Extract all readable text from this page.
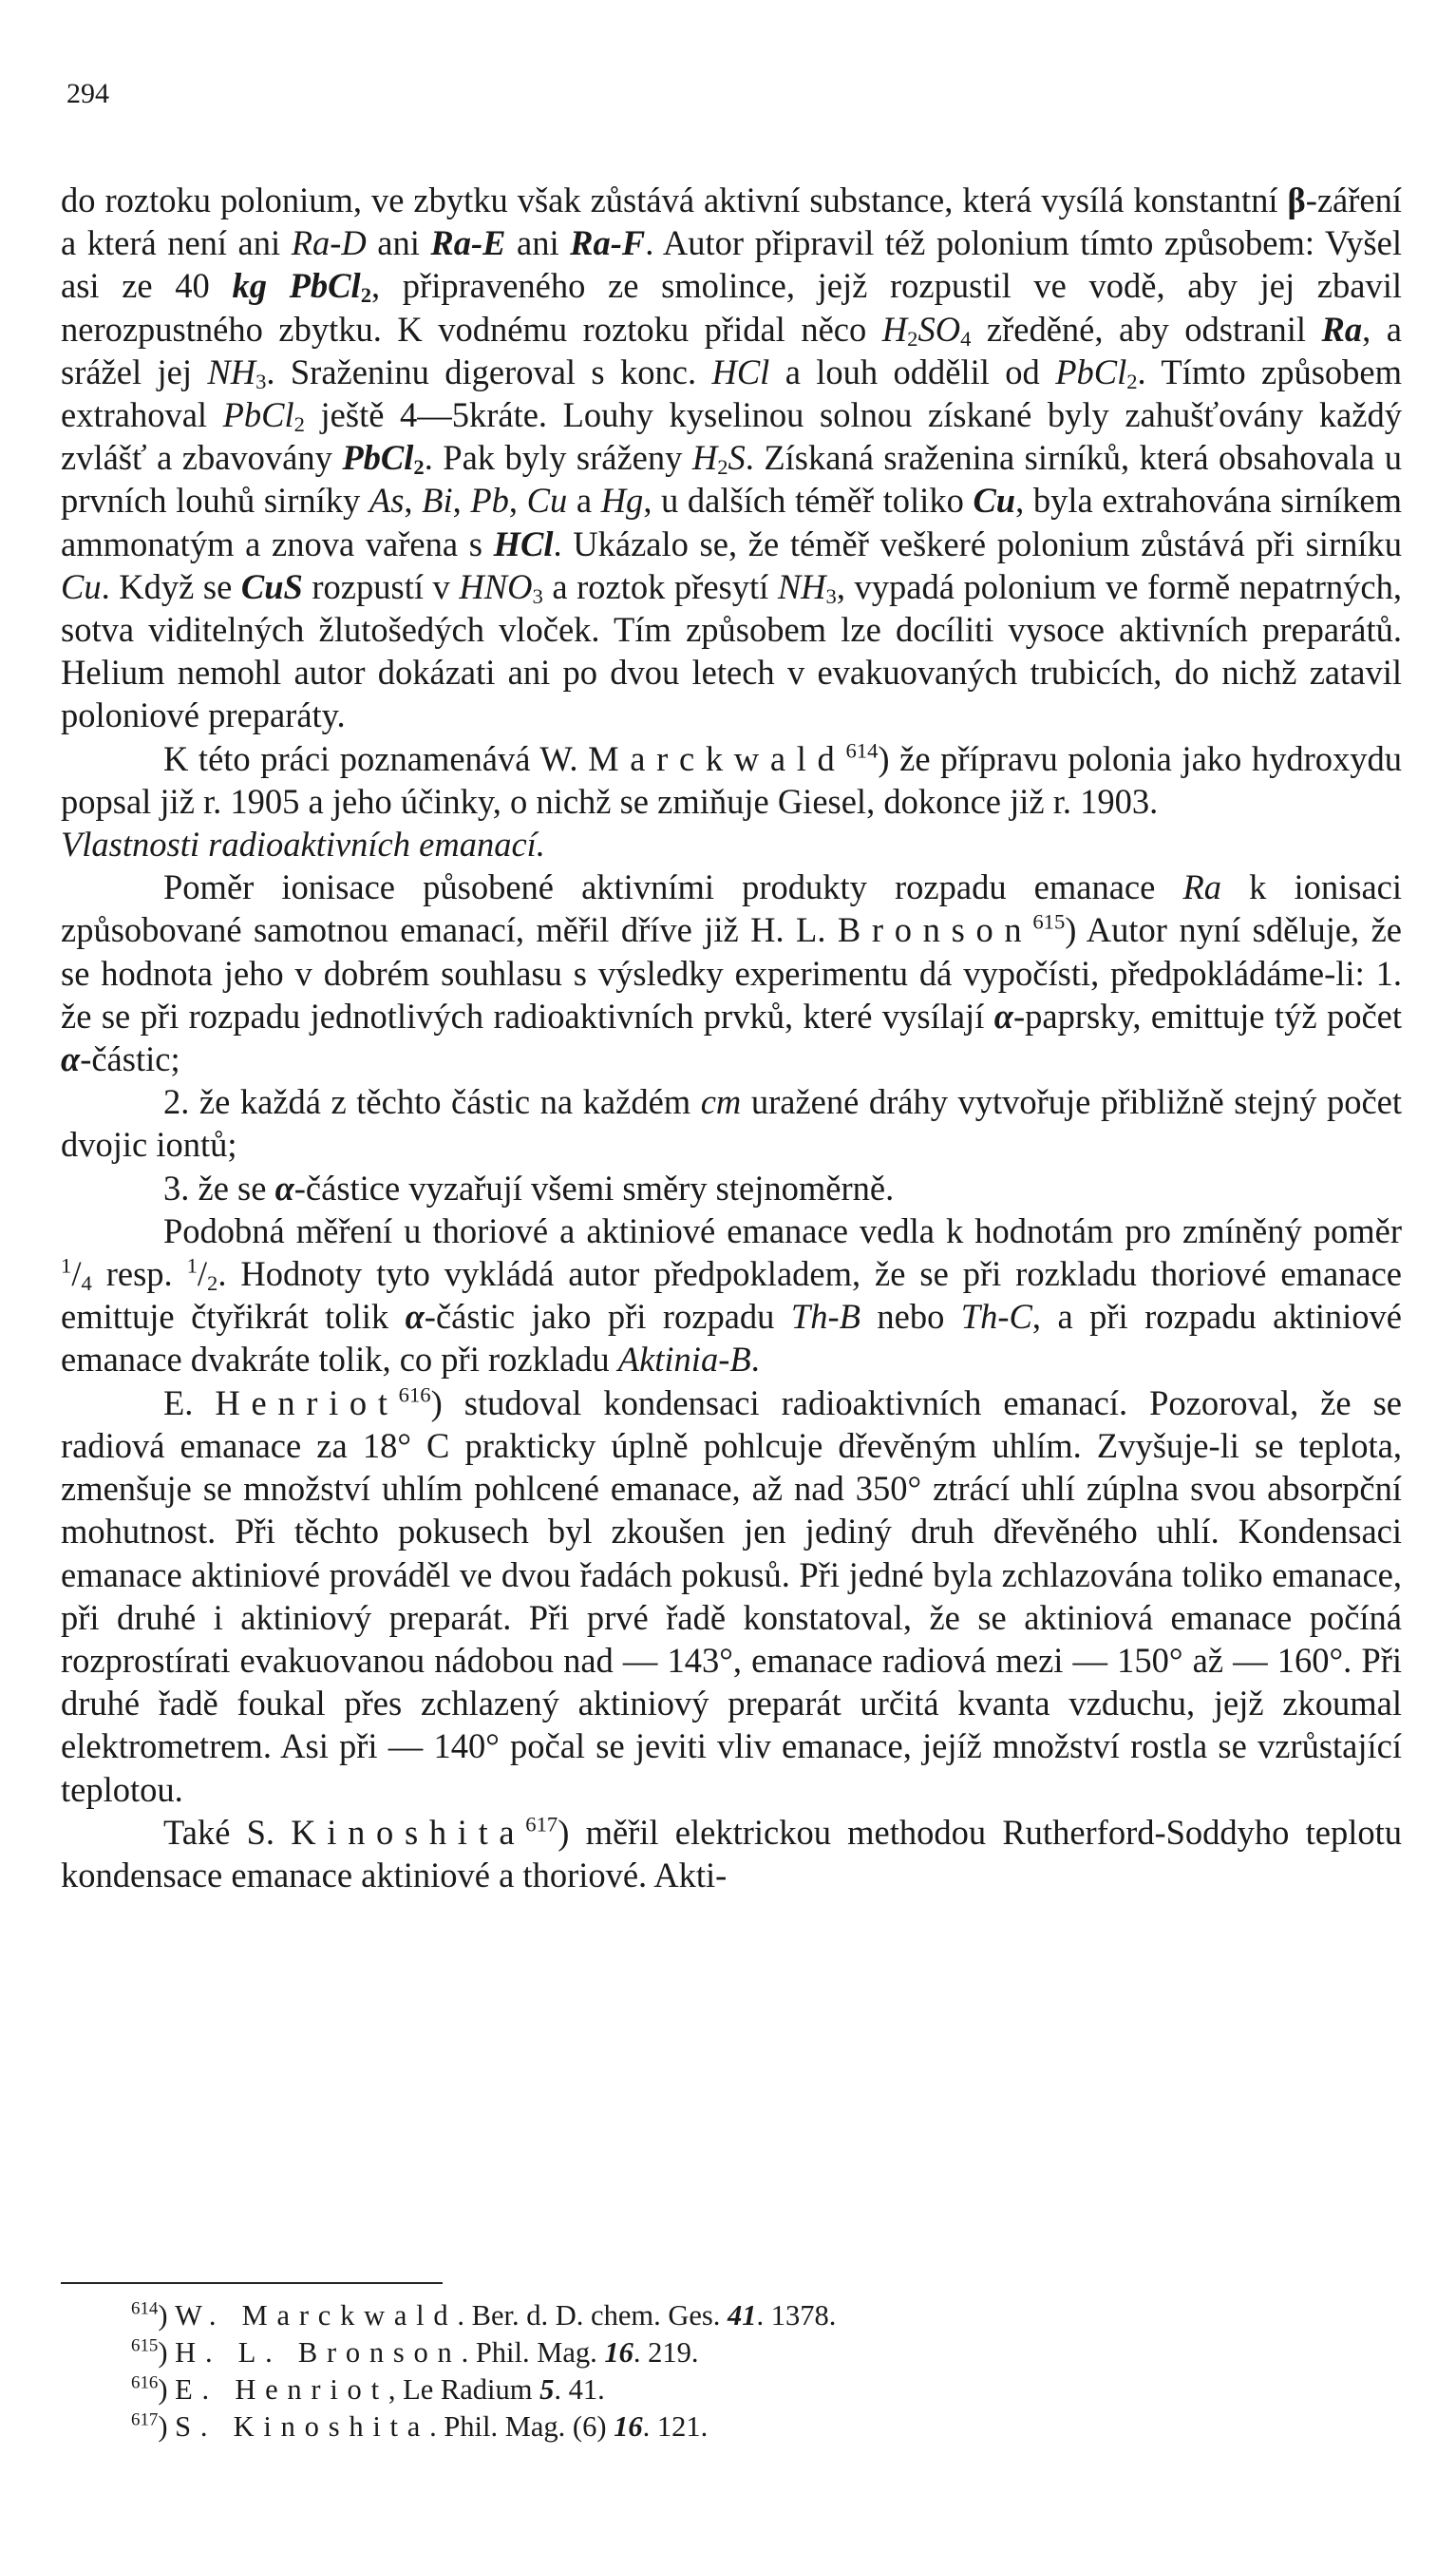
294

do roztoku polonium, ve zbytku však zůstává aktivní substance, která vysílá konstantní β-záření a která není ani Ra-D ani Ra-E ani Ra-F. Autor připravil též polonium tímto způsobem: Vyšel asi ze 40 kg PbCl$_2$, připraveného ze smolince, jejž rozpustil ve vodě, aby jej zbavil nerozpustného zbytku. K vodnému roztoku přidal něco $H_2SO_4$ zředěné, aby odstranil Ra, a srážel jej $NH_3$. Sraženinu digeroval s konc. HCl a louh oddělil od PbCl$_2$. Tímto způsobem extrahoval PbCl$_2$ ještě 4—5kráte. Louhy kyselinou solnou získané byly zahušťovány každý zvlášť a zbavovány PbCl$_2$. Pak byly sráženy $H_2S$. Získaná sraženina sirníků, která obsahovala u prvních louhů sirníky As, Bi, Pb, Cu a Hg, u dalších téměř toliko Cu, byla extrahována sirníkem ammonatým a znova vařena s HCl. Ukázalo se, že téměř veškeré polonium zůstává při sirníku Cu. Když se CuS rozpustí v $HNO_3$ a roztok přesytí $NH_3$, vypadá polonium ve formě nepatrných, sotva viditelných žlutošedých vloček. Tím způsobem lze docíliti vysoce aktivních preparátů. Helium nemohl autor dokázati ani po dvou letech v evakuovaných trubicích, do nichž zatavil poloniové preparáty.

K této práci poznamenává W. Marckwald$^{614}$) že přípravu polonia jako hydroxydu popsal již r. 1905 a jeho účinky, o nichž se zmiňuje Giesel, dokonce již r. 1903.

Vlastnosti radioaktivních emanací.

Poměr ionisace působené aktivními produkty rozpadu emanace Ra k ionisaci způsobované samotnou emanací, měřil dříve již H. L. Bronson$^{615}$) Autor nyní sděluje, že se hodnota jeho v dobrém souhlasu s výsledky experimentu dá vypočísti, předpokládáme-li: 1. že se při rozpadu jednotlivých radioaktivních prvků, které vysílají α-paprsky, emittuje týž počet α-částic;

2. že každá z těchto částic na každém cm uražené dráhy vytvořuje přibližně stejný počet dvojic iontů;

3. že se α-částice vyzařují všemi směry stejnoměrně.

Podobná měření u thoriové a aktiniové emanace vedla k hodnotám pro zmíněný poměr $^1/_4$ resp. $^1/_2$. Hodnoty tyto vykládá autor předpokladem, že se při rozkladu thoriové emanace emittuje čtyřikrát tolik α-částic jako při rozpadu Th-B nebo Th-C, a při rozpadu aktiniové emanace dvakráte tolik, co při rozkladu Aktinia-B.

E. Henriot$^{616}$) studoval kondensaci radioaktivních emanací. Pozoroval, že se radiová emanace za 18° C prakticky úplně pohlcuje dřevěným uhlím. Zvyšuje-li se teplota, zmenšuje se množství uhlím pohlcené emanace, až nad 350° ztrácí uhlí zúplna svou absorpční mohutnost. Při těchto pokusech byl zkoušen jen jediný druh dřevěného uhlí. Kondensaci emanace aktiniové prováděl ve dvou řadách pokusů. Při jedné byla zchlazována toliko emanace, při druhé i aktiniový preparát. Při prvé řadě konstatoval, že se aktiniová emanace počíná rozprostírati evakuovanou nádobou nad — 143°, emanace radiová mezi — 150° až — 160°. Při druhé řadě foukal přes zchlazený aktiniový preparát určitá kvanta vzduchu, jejž zkoumal elektrometrem. Asi při — 140° počal se jeviti vliv emanace, jejíž množství rostla se vzrůstající teplotou.

Také S. Kinoshita$^{617}$) měřil elektrickou methodou Rutherford-Soddyho teplotu kondensace emanace aktiniové a thoriové. Akti-

$^{614}$) W. Marckwald. Ber. d. D. chem. Ges. 41. 1378.
$^{615}$) H. L. Bronson. Phil. Mag. 16. 219.
$^{616}$) E. Henriot, Le Radium 5. 41.
$^{617}$) S. Kinoshita. Phil. Mag. (6) 16. 121.
